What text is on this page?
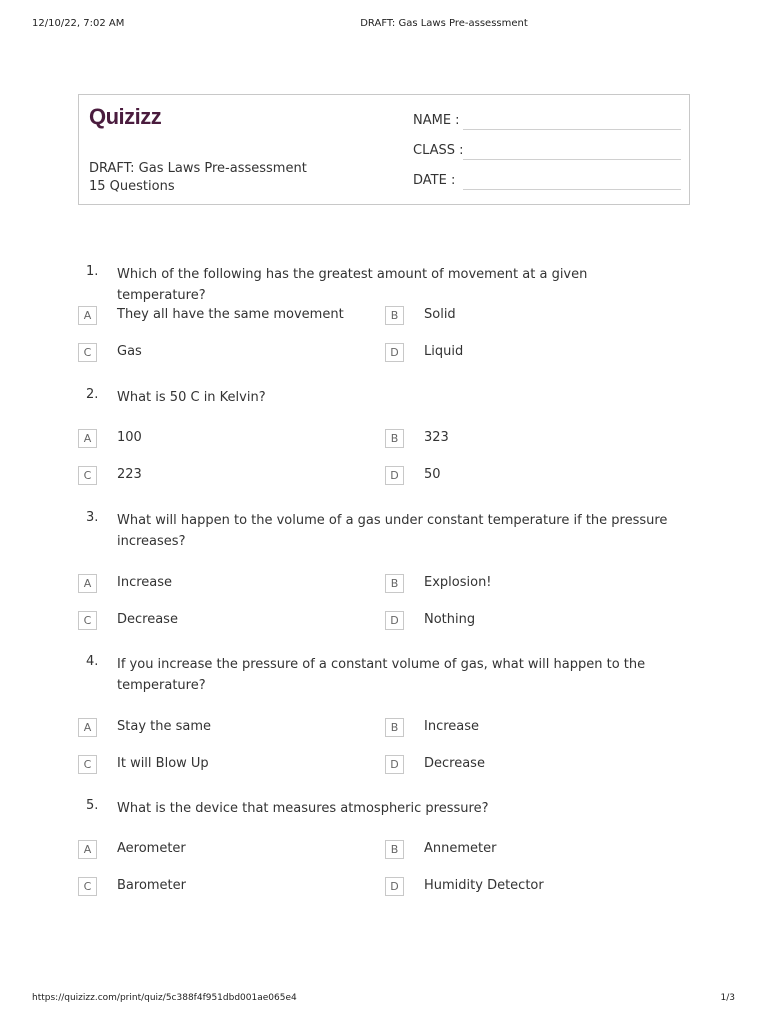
12/10/22, 7:02 AM	DRAFT: Gas Laws Pre-assessment
Quizizz
DRAFT: Gas Laws Pre-assessment
15 Questions
NAME :
CLASS :
DATE :
1. Which of the following has the greatest amount of movement at a given temperature?
A	They all have the same movement	B	Solid
C	Gas	D	Liquid
2. What is 50 C in Kelvin?
A	100	B	323
C	223	D	50
3. What will happen to the volume of a gas under constant temperature if the pressure increases?
A	Increase	B	Explosion!
C	Decrease	D	Nothing
4. If you increase the pressure of a constant volume of gas, what will happen to the temperature?
A	Stay the same	B	Increase
C	It will Blow Up	D	Decrease
5. What is the device that measures atmospheric pressure?
A	Aerometer	B	Annemeter
C	Barometer	D	Humidity Detector
https://quizizz.com/print/quiz/5c388f4f951dbd001ae065e4	1/3
